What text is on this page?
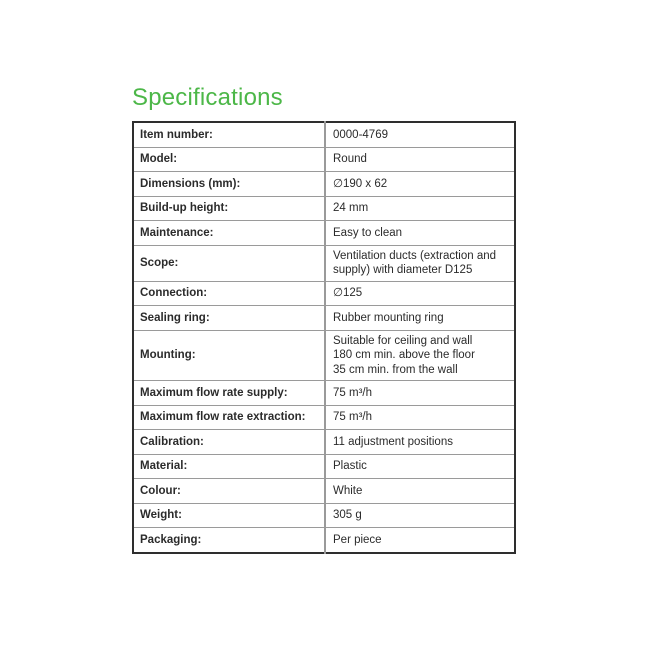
Specifications
Item number:	0000-4769

Model:	Round

Dimensions (mm):	∅190 x 62

Build-up height:	24 mm

Maintenance:	Easy to clean

Scope:	Ventilation ducts (extraction and
supply) with diameter D125

Connection:	∅125

Sealing ring:	Rubber mounting ring

Mounting:	Suitable for ceiling and wall
180 cm min. above the floor
35 cm min. from the wall

Maximum flow rate supply:	75 m³/h

Maximum flow rate extraction:	75 m³/h

Calibration:	11 adjustment positions

Material:	Plastic

Colour:	White

Weight:	305 g

Packaging:	Per piece
